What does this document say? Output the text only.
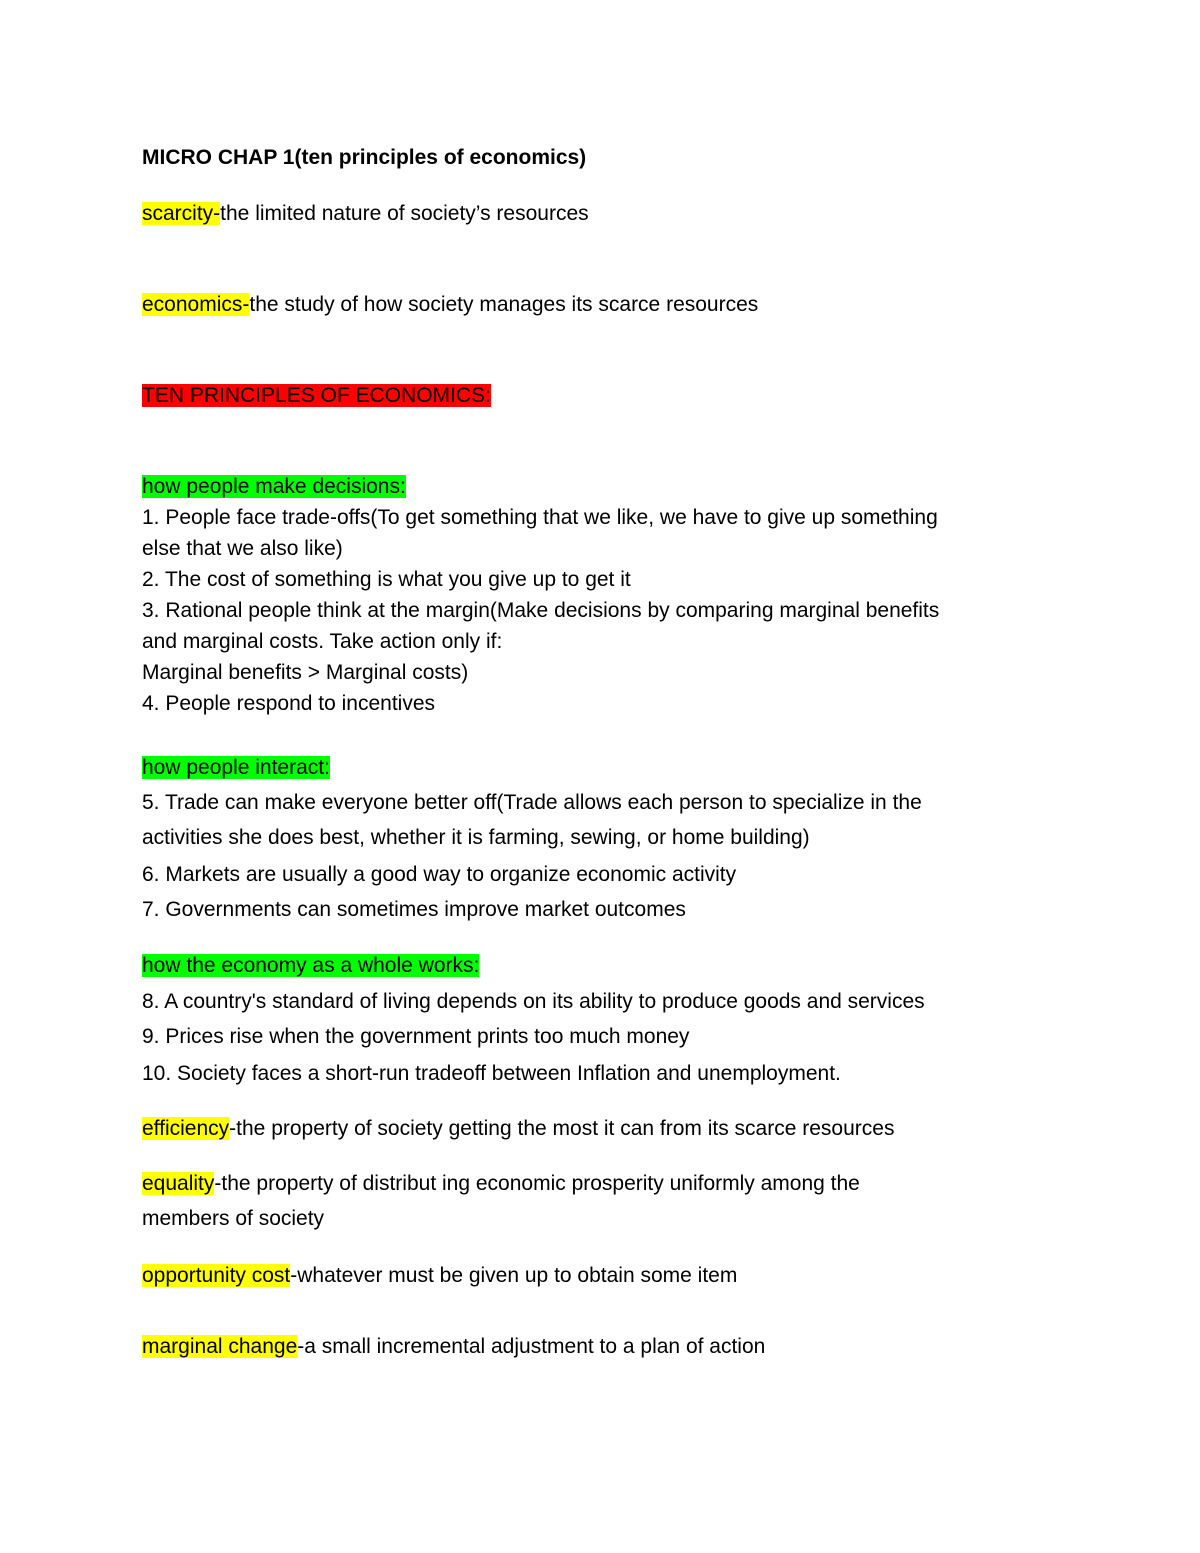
MICRO CHAP 1(ten principles of economics)
scarcity-the limited nature of society’s resources
economics-the study of how society manages its scarce resources
TEN PRINCIPLES OF ECONOMICS:
how people make decisions:
1. People face trade-offs(To get something that we like, we have to give up something
else that we also like)
2. The cost of something is what you give up to get it
3. Rational people think at the margin(Make decisions by comparing marginal benefits
and marginal costs. Take action only if:
Marginal benefits > Marginal costs)
4. People respond to incentives
how people interact:
5. Trade can make everyone better off(Trade allows each person to specialize in the
activities she does best, whether it is farming, sewing, or home building)
6. Markets are usually a good way to organize economic activity
7. Governments can sometimes improve market outcomes
how the economy as a whole works:
8. A country's standard of living depends on its ability to produce goods and services
9. Prices rise when the government prints too much money
10. Society faces a short-run tradeoff between Inflation and unemployment.
efficiency-the property of society getting the most it can from its scarce resources
equality-the property of distribut ing economic prosperity uniformly among the
members of society
opportunity cost-whatever must be given up to obtain some item
marginal change-a small incremental adjustment to a plan of action
